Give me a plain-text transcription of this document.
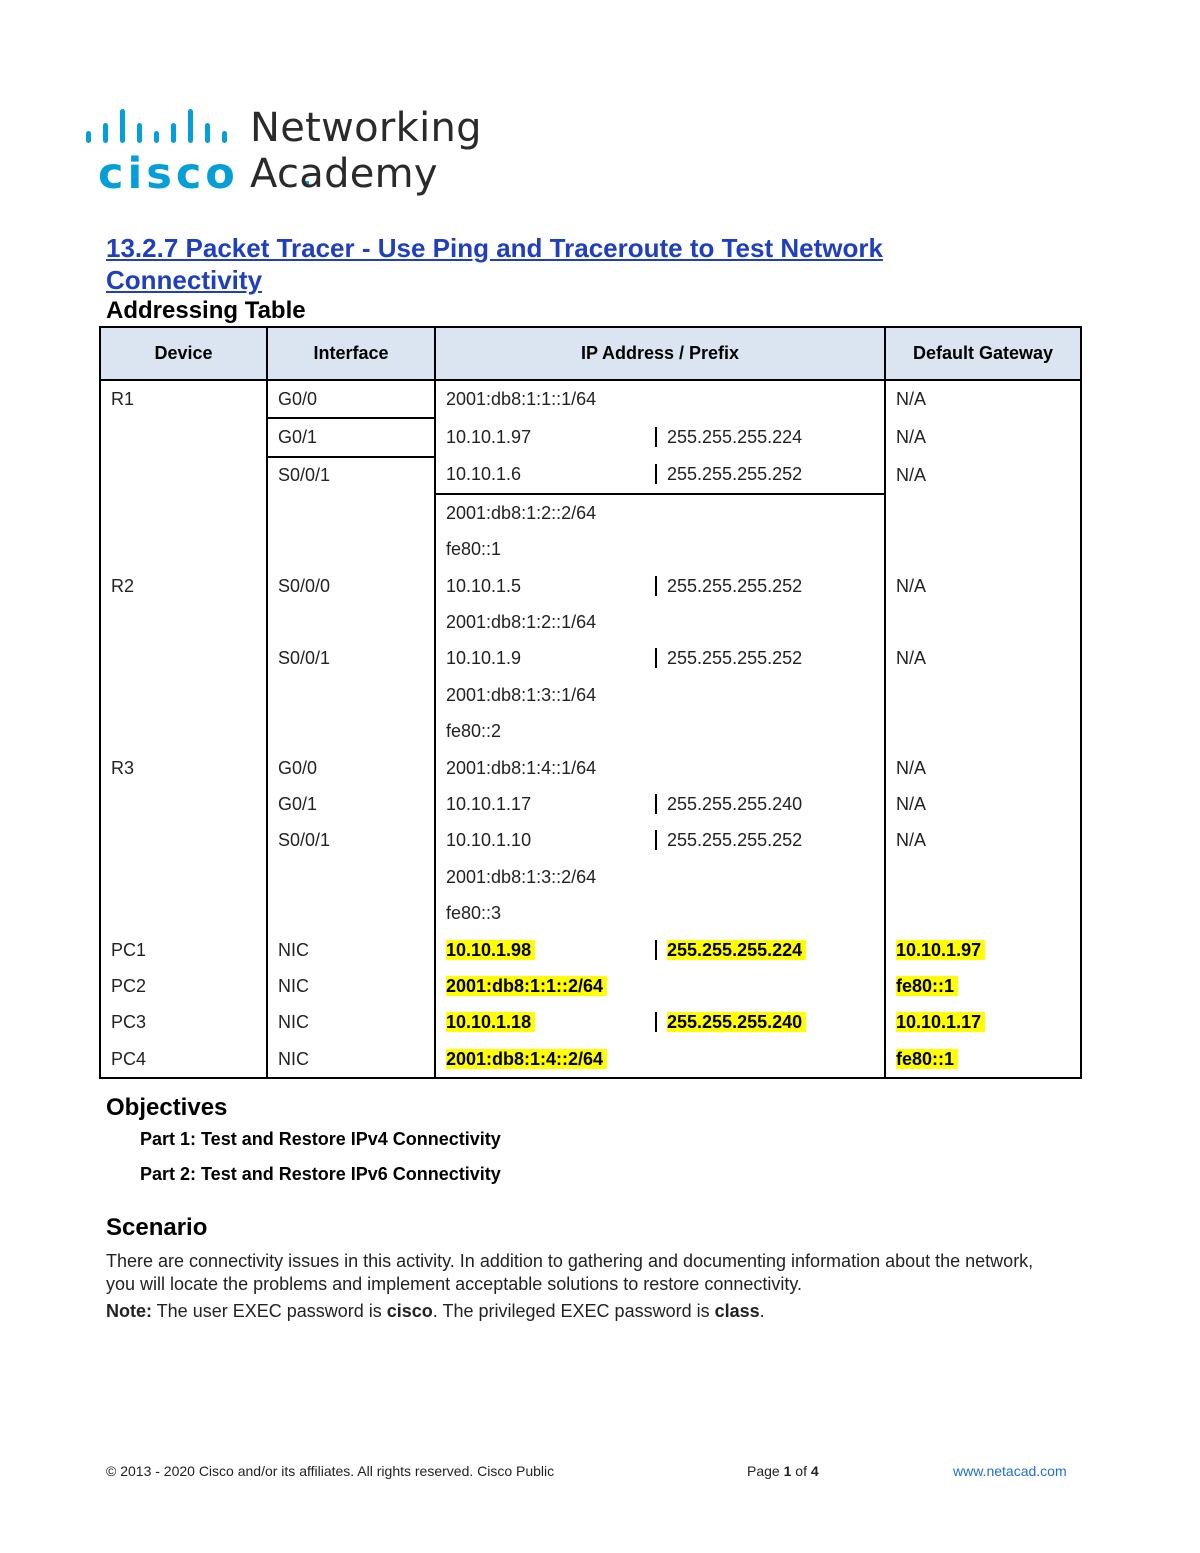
cisco
Networking
Academy
13.2.7 Packet Tracer - Use Ping and Traceroute to Test Network Connectivity
Addressing Table
Device	Interface	IP Address / Prefix		Default Gateway
R1	G0/0	2001:db8:1:1::1/64		N/A
	G0/1	10.10.1.97	255.255.255.224	N/A
	S0/0/1	10.10.1.6	255.255.255.252	N/A
		2001:db8:1:2::2/64		
		fe80::1		
R2	S0/0/0	10.10.1.5	255.255.255.252	N/A
		2001:db8:1:2::1/64		
	S0/0/1	10.10.1.9	255.255.255.252	N/A
		2001:db8:1:3::1/64		
		fe80::2		
R3	G0/0	2001:db8:1:4::1/64		N/A
	G0/1	10.10.1.17	255.255.255.240	N/A
	S0/0/1	10.10.1.10	255.255.255.252	N/A
		2001:db8:1:3::2/64		
		fe80::3		
PC1	NIC	10.10.1.98	255.255.255.224	10.10.1.97
PC2	NIC	2001:db8:1:1::2/64		fe80::1
PC3	NIC	10.10.1.18	255.255.255.240	10.10.1.17
PC4	NIC	2001:db8:1:4::2/64		fe80::1
Objectives

Part 1: Test and Restore IPv4 Connectivity

Part 2: Test and Restore IPv6 Connectivity

Scenario

There are connectivity issues in this activity. In addition to gathering and documenting information about the network, you will locate the problems and implement acceptable solutions to restore connectivity.

Note: The user EXEC password is cisco. The privileged EXEC password is class.

© 2013 - 2020 Cisco and/or its affiliates. All rights reserved. Cisco Public	Page 1 of 4	www.netacad.com
